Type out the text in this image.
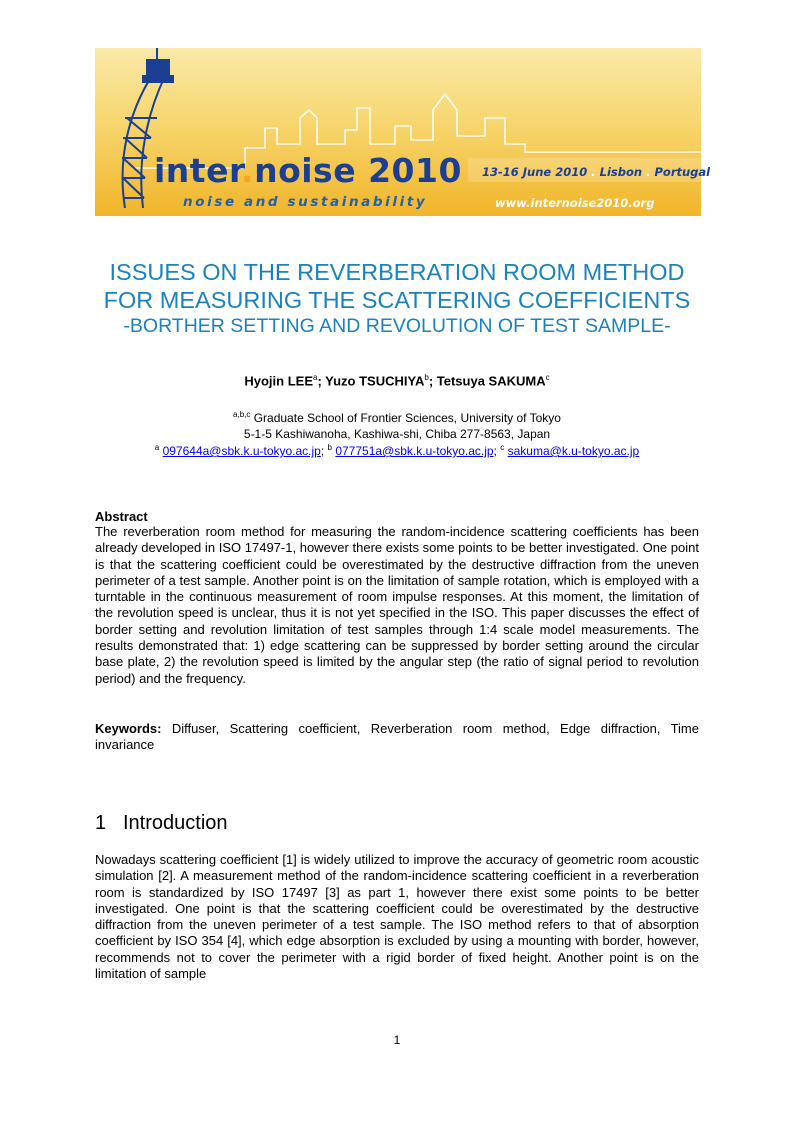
inter.noise 2010
noise and sustainability
13-16 June 2010 . Lisbon . Portugal
www.internoise2010.org
ISSUES ON THE REVERBERATION ROOM METHOD
FOR MEASURING THE SCATTERING COEFFICIENTS
-BORTHER SETTING AND REVOLUTION OF TEST SAMPLE-
Hyojin LEE$^a$; Yuzo TSUCHIYA$^b$; Tetsuya SAKUMA$^c$
$^{a,b,c}$ Graduate School of Frontier Sciences, University of Tokyo
5-1-5 Kashiwanoha, Kashiwa-shi, Chiba 277-8563, Japan
$^a$ 097644a@sbk.k.u-tokyo.ac.jp; $^b$ 077751a@sbk.k.u-tokyo.ac.jp; $^c$ sakuma@k.u-tokyo.ac.jp
Abstract
The reverberation room method for measuring the random-incidence scattering coefficients has been already developed in ISO 17497-1, however there exists some points to be better investigated. One point is that the scattering coefficient could be overestimated by the destructive diffraction from the uneven perimeter of a test sample. Another point is on the limitation of sample rotation, which is employed with a turntable in the continuous measurement of room impulse responses. At this moment, the limitation of the revolution speed is unclear, thus it is not yet specified in the ISO. This paper discusses the effect of border setting and revolution limitation of test samples through 1:4 scale model measurements. The results demonstrated that: 1) edge scattering can be suppressed by border setting around the circular base plate, 2) the revolution speed is limited by the angular step (the ratio of signal period to revolution period) and the frequency.
Keywords: Diffuser, Scattering coefficient, Reverberation room method, Edge diffraction, Time invariance
1 Introduction
Nowadays scattering coefficient [1] is widely utilized to improve the accuracy of geometric room acoustic simulation [2]. A measurement method of the random-incidence scattering coefficient in a reverberation room is standardized by ISO 17497 [3] as part 1, however there exist some points to be better investigated. One point is that the scattering coefficient could be overestimated by the destructive diffraction from the uneven perimeter of a test sample. The ISO method refers to that of absorption coefficient by ISO 354 [4], which edge absorption is excluded by using a mounting with border, however, recommends not to cover the perimeter with a rigid border of fixed height. Another point is on the limitation of sample
1
